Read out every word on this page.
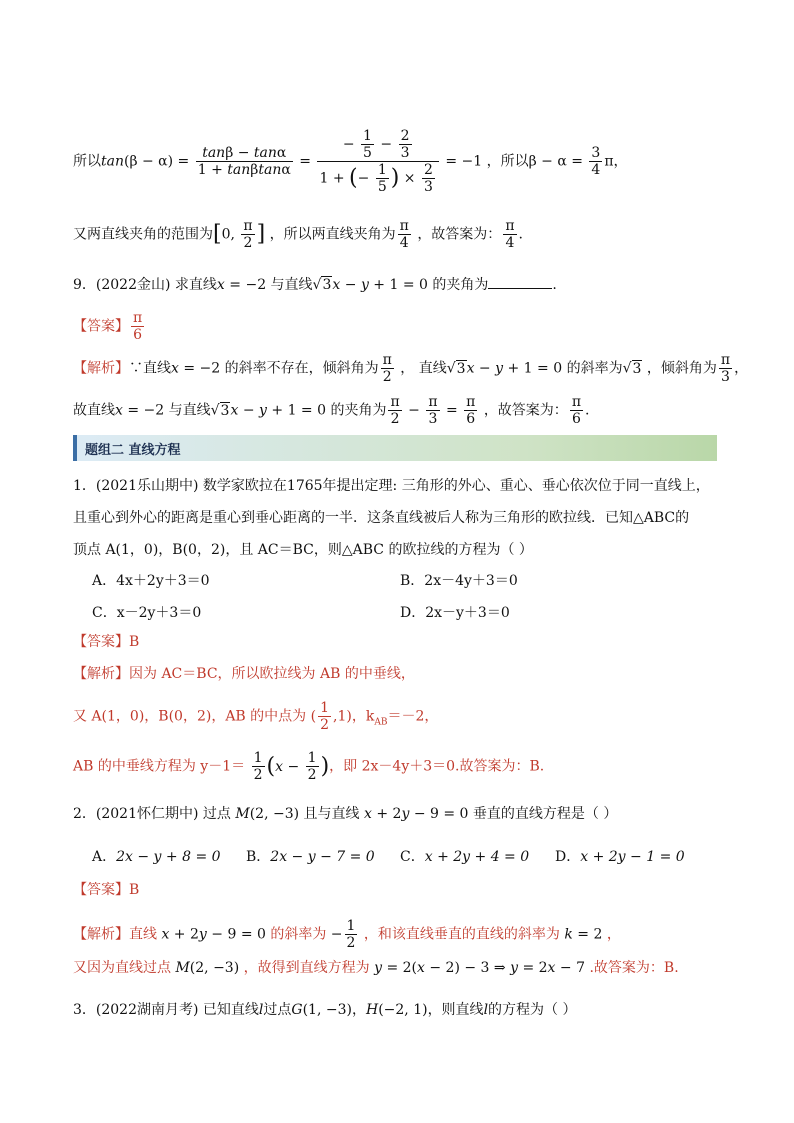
所以$\tan(\beta - \alpha) = \frac{\tan\beta - \tan\alpha}{1 + \tan\beta\tan\alpha} = \frac{- \frac{1}{5} - \frac{2}{3}}{1 + (- \frac{1}{5} ) \times \frac{2}{3}} = -1$ ，所以$\beta - \alpha = \frac{3}{4}$ π，
又两直线夹角的范围为[0, $\frac{\pi}{2}$ ] ，所以两直线夹角为 $\frac{\pi}{4}$ ，故答案为： $\frac{\pi}{4}$ .
9．(2022金山) 求直线x = −2 与直线√3x − y + 1 = 0 的夹角为	.
【答案】 $\frac{\pi}{6}$
【解析】∵直线x = −2 的斜率不存在，倾斜角为 $\frac{\pi}{2}$ ， 直线√3x − y + 1 = 0 的斜率为√3 ，倾斜角为 $\frac{\pi}{3}$ ，
故直线x = −2 与直线√3x − y + 1 = 0 的夹角为 $\frac{\pi}{2} - \frac{\pi}{3} = \frac{\pi}{6}$ ，故答案为： $\frac{\pi}{6}$ .
题组二 直线方程
1．(2021乐山期中) 数学家欧拉在1765年提出定理: 三角形的外心、重心、垂心依次位于同一直线上，
且重心到外心的距离是重心到垂心距离的一半．这条直线被后人称为三角形的欧拉线．已知△ABC的
顶点 A(1，0)，B(0，2)，且 AC＝BC，则△ABC 的欧拉线的方程为（ ）
A．4x＋2y＋3＝0	B．2x－4y＋3＝0
C．x－2y＋3＝0	D．2x－y＋3＝0
【答案】B
【解析】因为 AC＝BC，所以欧拉线为 AB 的中垂线，
又 A(1，0)，B(0，2)，AB 的中点为 ( $\frac{1}{2} ,1$)，$k_{AB}=-2$，
AB 的中垂线方程为 $y-1= \frac{1}{2} (x - \frac{1}{2}$ )，即 2x－4y＋3＝0.故答案为：B.
2．(2021怀仁期中) 过点 M(2, −3) 且与直线 x + 2y − 9 = 0 垂直的直线方程是（ ）
A．2x − y + 8 = 0 B．2x − y − 7 = 0 C．x + 2y + 4 = 0 D．x + 2y − 1 = 0
【答案】B
【解析】直线 x + 2y − 9 = 0 的斜率为 − $\frac{1}{2}$ ，和该直线垂直的直线的斜率为 k = 2 ，
又因为直线过点 M(2, −3) ，故得到直线方程为 y = 2(x − 2) − 3 ⇒ y = 2x − 7 .故答案为：B.
3．(2022湖南月考) 已知直线l过点G(1, −3)，H(−2, 1)，则直线l的方程为（ ）
